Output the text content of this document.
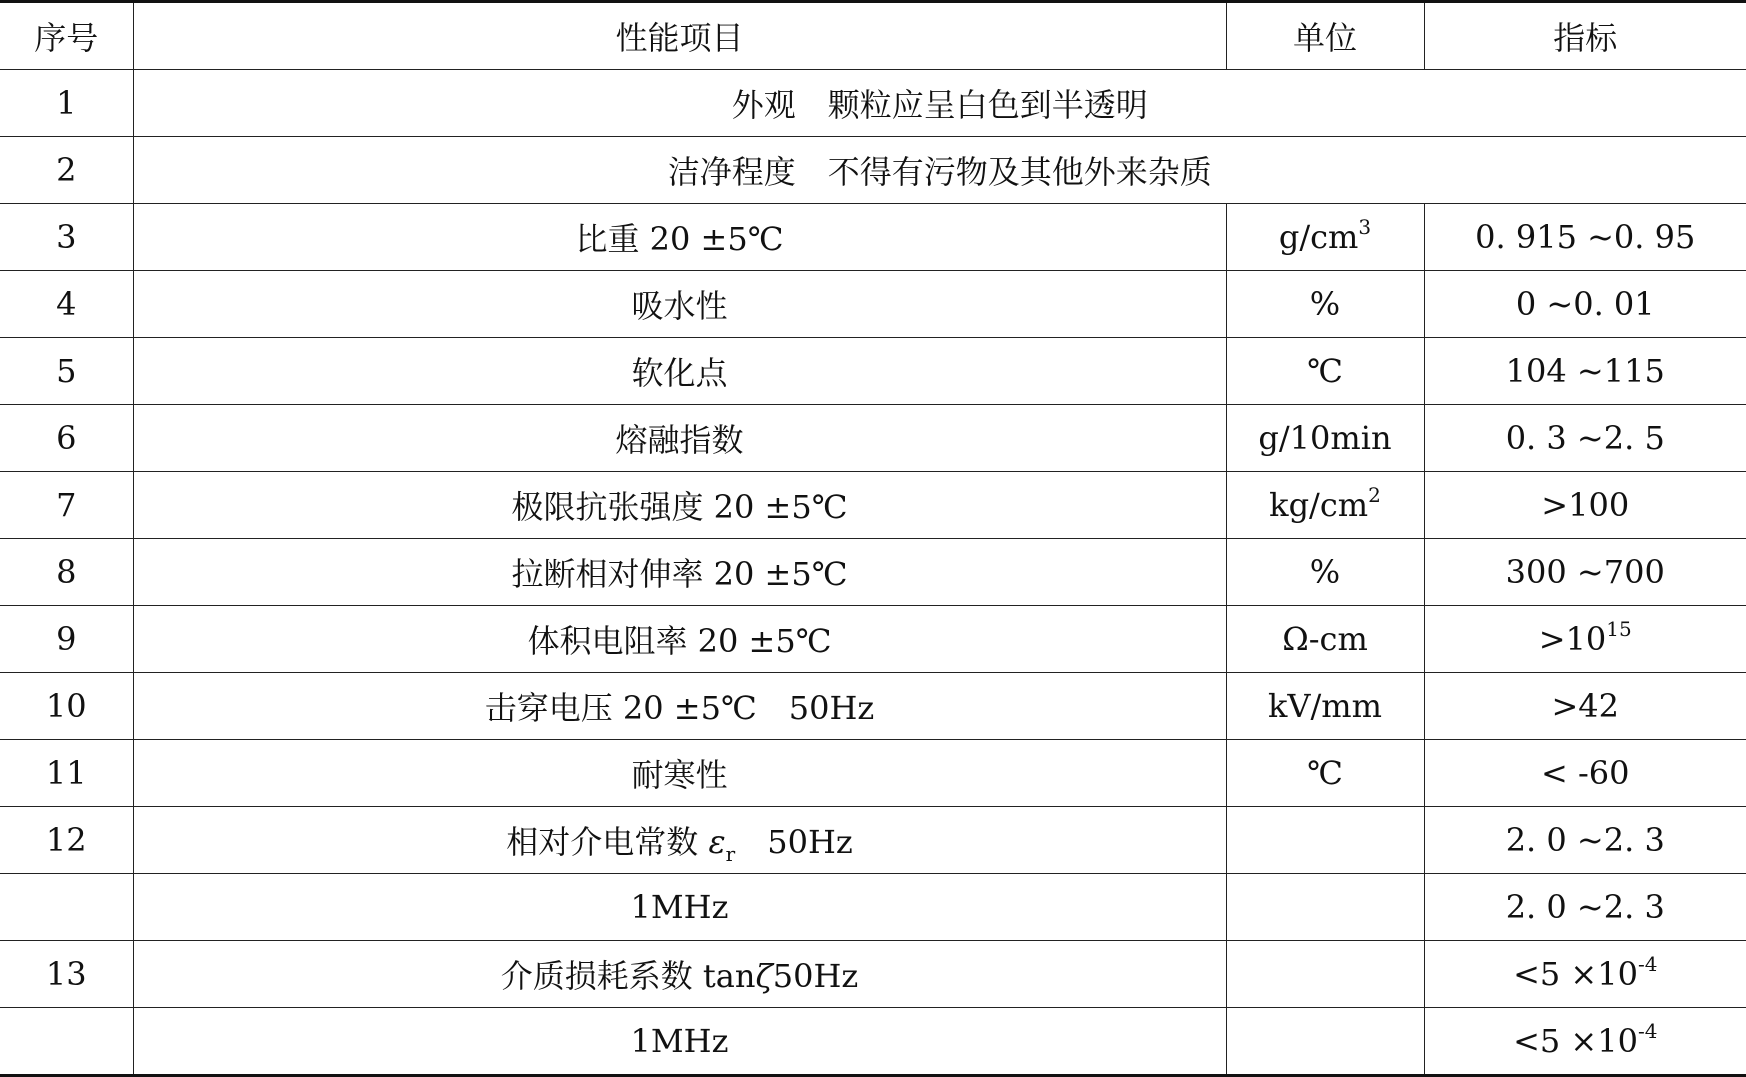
序号	性能项目	单位	指标
1	外观 颗粒应呈白色到半透明		
2	洁净程度 不得有污物及其他外来杂质		
3	比重 20 ±5℃	$g/cm^3$	0. 915 ~0. 95
4	吸水性	%	0 ~0. 01
5	软化点	℃	104 ~115
6	熔融指数	g/10min	0. 3 ~2. 5
7	极限抗张强度 20 ±5℃	$kg/cm^2$	>100
8	拉断相对伸率 20 ±5℃	%	300 ~700
9	体积电阻率 20 ±5℃	Ω-cm	$>10^{15}$
10	击穿电压 20 ±5℃ 50Hz	kV/mm	>42
11	耐寒性	℃	< -60
12	相对介电常数 $\varepsilon_r$ 50Hz		2. 0 ~2. 3
	1MHz		2. 0 ~2. 3
13	介质损耗系数 tanζ50Hz		$<5 \times 10^{-4}$
	1MHz		$<5 \times 10^{-4}$
